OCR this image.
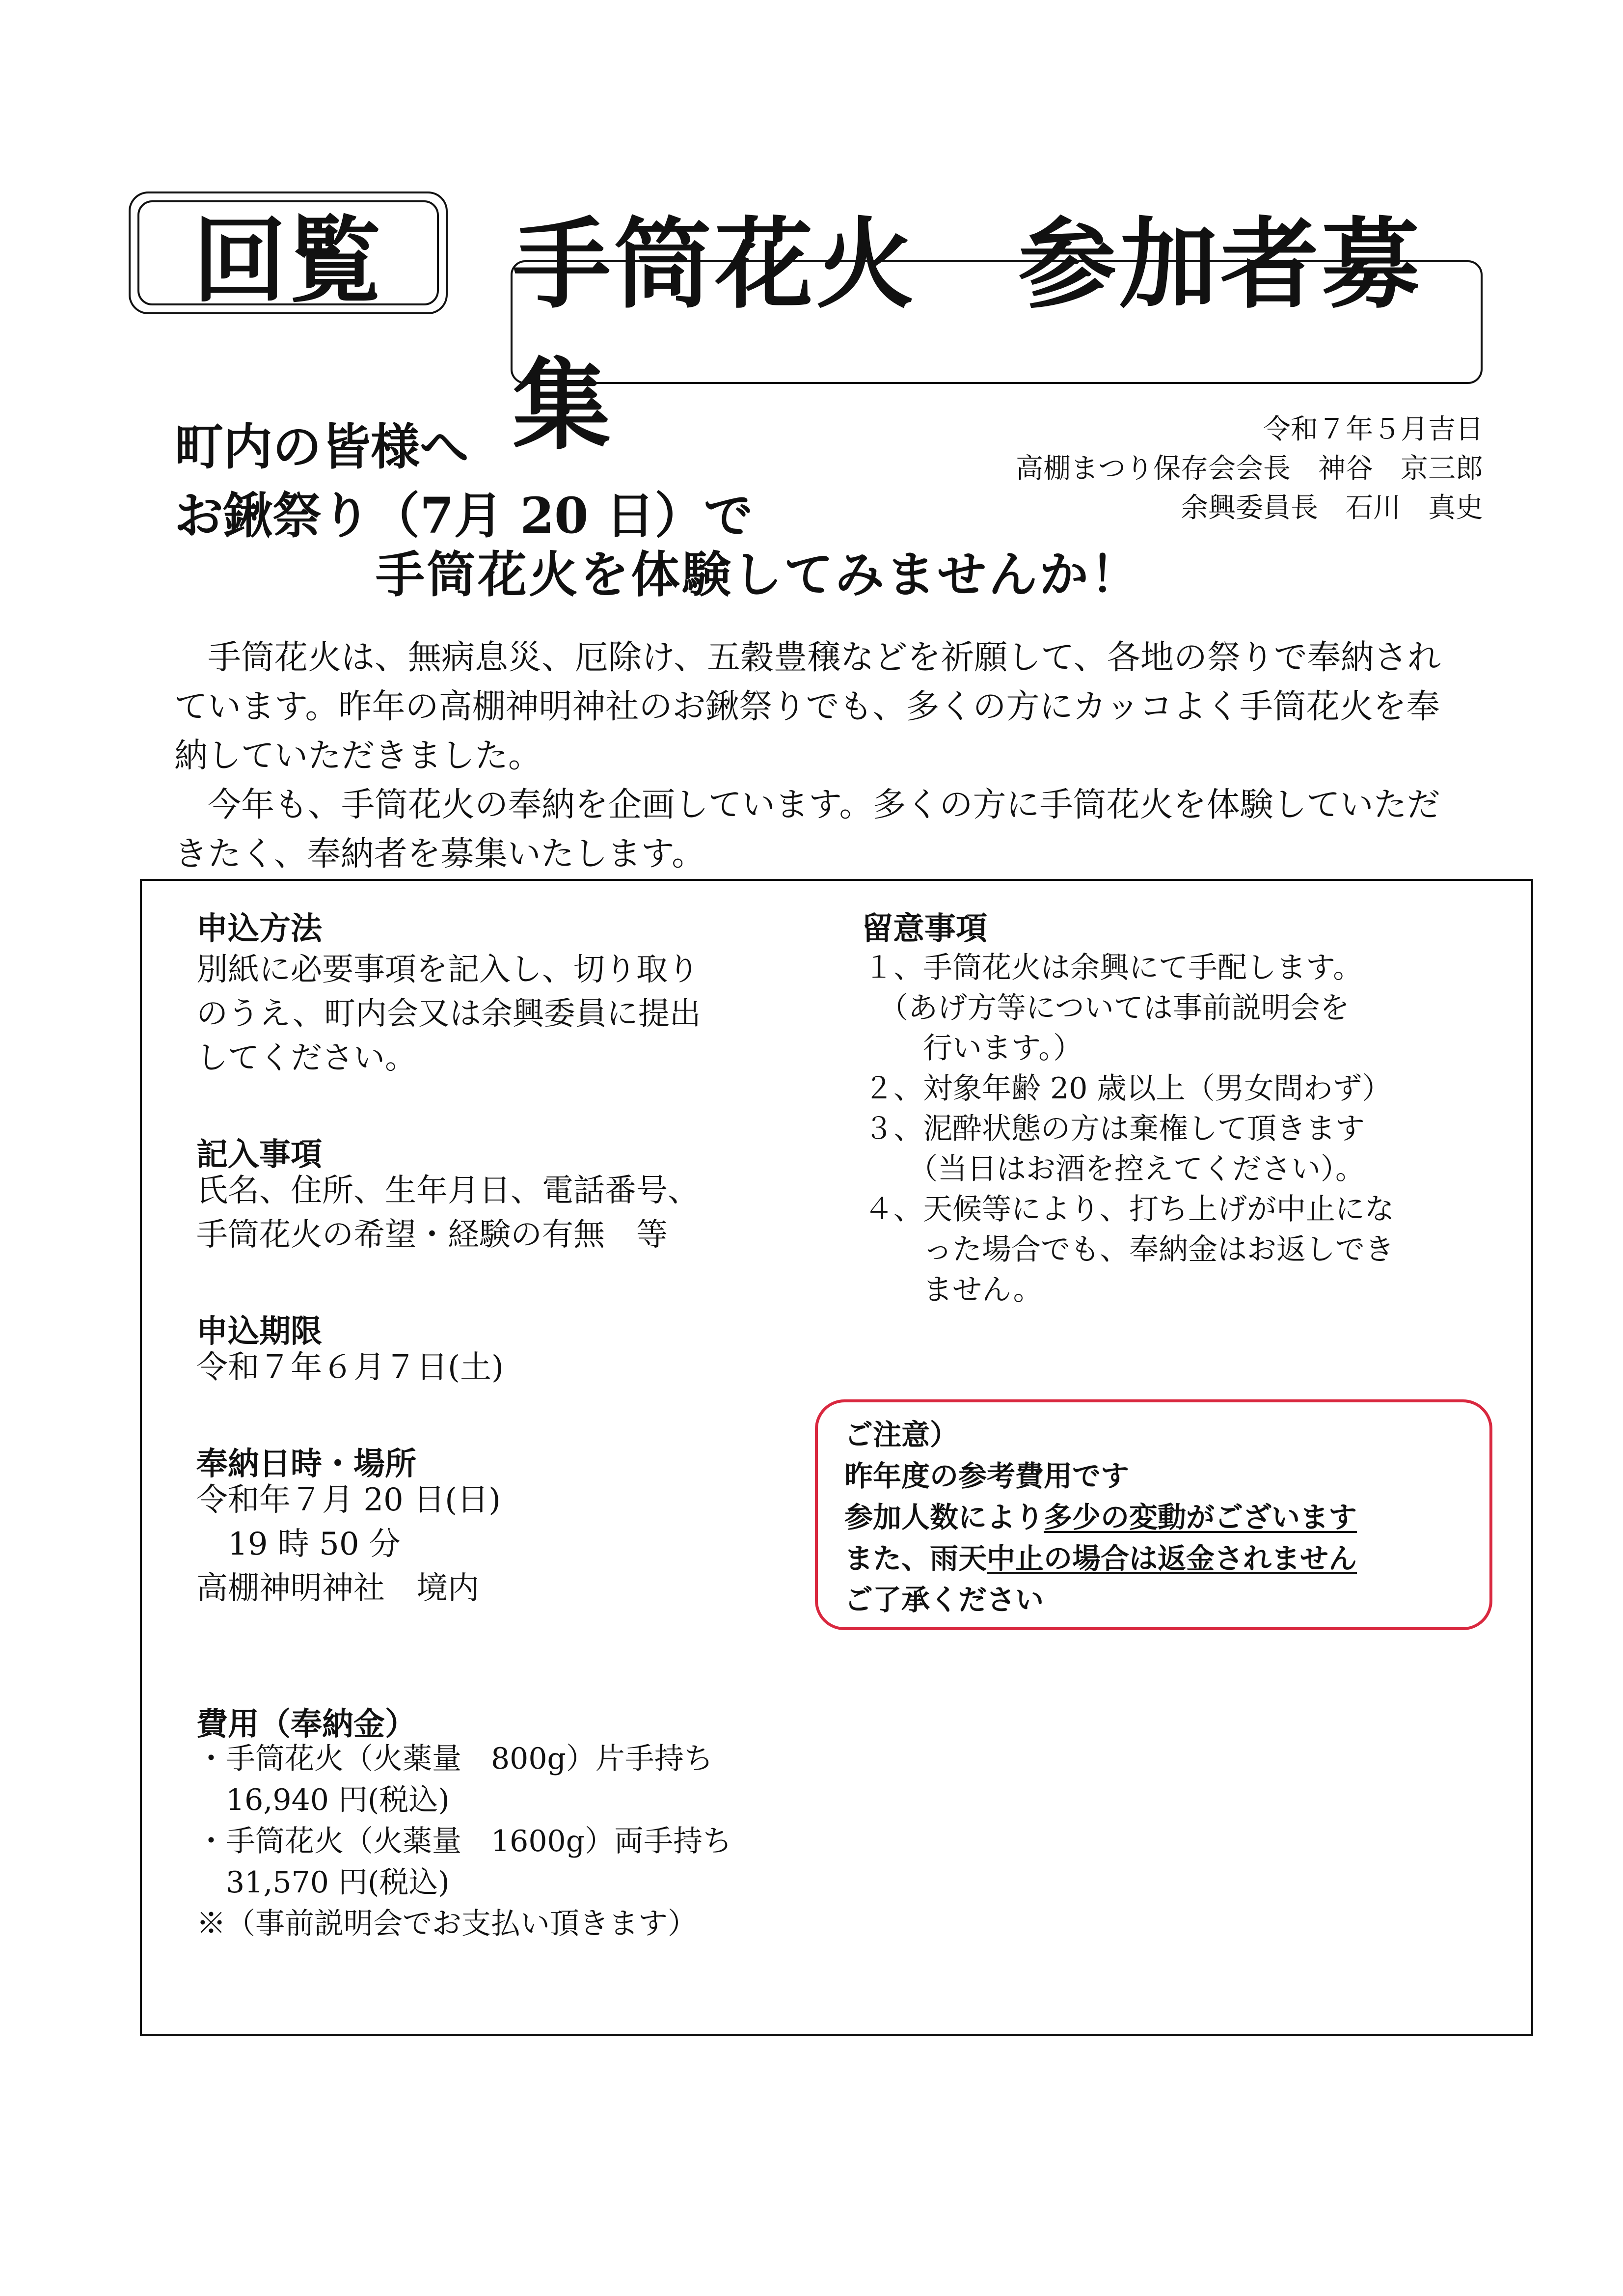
回覧	手筒花火　参加者募集
町内の皆様へ
お鍬祭り（7月 20 日）で
手筒花火を体験してみませんか！
令和７年５月吉日
高棚まつり保存会会長　神谷　京三郎
余興委員長　石川　真史

手筒花火は、無病息災、厄除け、五穀豊穣などを祈願して、各地の祭りで奉納されています。昨年の高棚神明神社のお鍬祭りでも、多くの方にカッコよく手筒花火を奉納していただきました。

今年も、手筒花火の奉納を企画しています。多くの方に手筒花火を体験していただきたく、奉納者を募集いたします。

申込方法
別紙に必要事項を記入し、切り取り
のうえ、町内会又は余興委員に提出
してください。
記入事項
氏名、住所、生年月日、電話番号、
手筒花火の希望・経験の有無　等
申込期限
令和７年６月７日(土)
奉納日時・場所
令和年７月 20 日(日)
　19 時 50 分
高棚神明神社　境内
費用（奉納金）
・手筒花火（火薬量　800g）片手持ち
　16,940 円(税込)
・手筒花火（火薬量　1600g）両手持ち
　31,570 円(税込)
※（事前説明会でお支払い頂きます）
留意事項
１、手筒花火は余興にて手配します。
　（あげ方等については事前説明会を
　　行います。）
２、対象年齢 20 歳以上（男女問わず）
３、泥酔状態の方は棄権して頂きます
　　（当日はお酒を控えてください）。
４、天候等により、打ち上げが中止にな
　　った場合でも、奉納金はお返しでき
　　ません。
ご注意）
昨年度の参考費用です
参加人数により多少の変動がございます
また、雨天中止の場合は返金されません
ご了承ください
